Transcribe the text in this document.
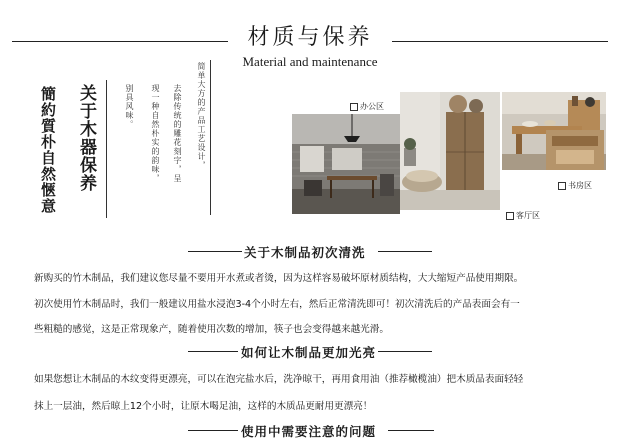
材质与保养
Material and maintenance
簡約質朴自然愜意 关于木器保养	别具风味。 现一种自然朴实的韵味， 去除传统的雕花刻字，呈 简单大方的产品工艺设计，	办公区
客厅区
书房区
关于木制品初次清洗
新购买的竹木制品，我们建议您尽量不要用开水煮或者烫，因为这样容易破坏原材质结构，大大缩短产品使用期限。
初次使用竹木制品时，我们一般建议用盐水浸泡3-4个小时左右，然后正常清洗即可！初次清洗后的产品表面会有一
些粗糙的感觉，这是正常现象产，随着使用次数的增加，筷子也会变得越来越光滑。
如何让木制品更加光亮
如果您想让木制品的木纹变得更漂亮，可以在泡完盐水后，洗净晾干，再用食用油（推荐橄榄油）把木质品表面轻轻
抹上一层油，然后晾上12个小时，让原木喝足油，这样的木质品更耐用更漂亮！
使用中需要注意的问题
